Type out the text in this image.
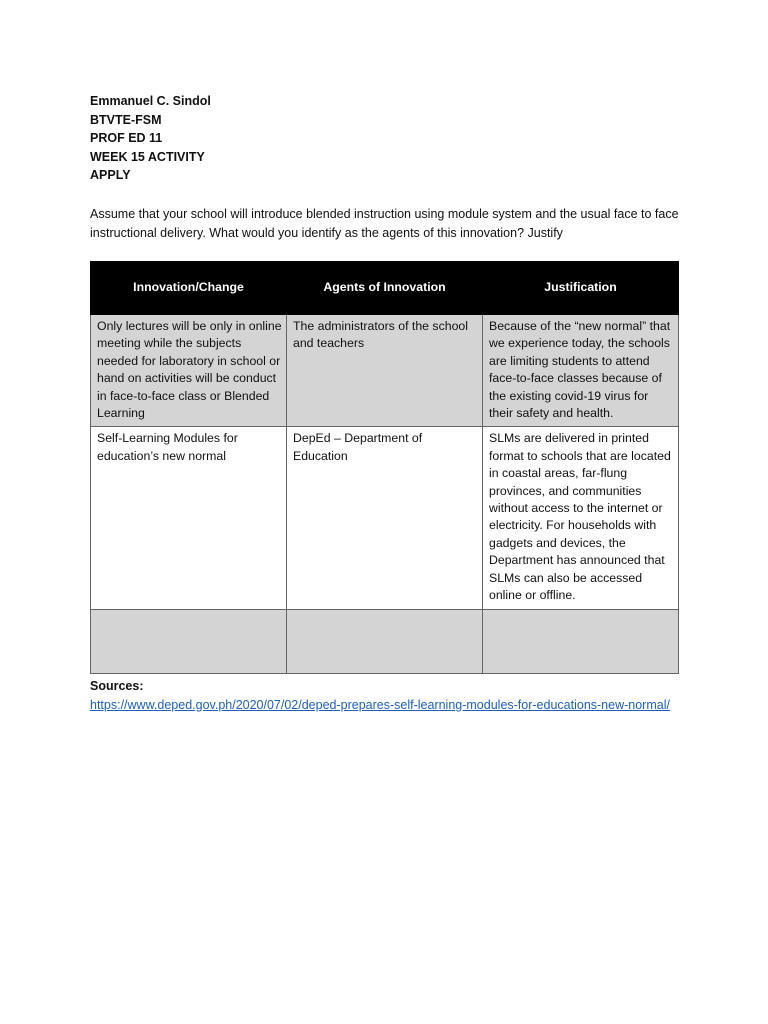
Emmanuel C. Sindol
BTVTE-FSM
PROF ED 11
WEEK 15 ACTIVITY
APPLY
Assume that your school will introduce blended instruction using module system and the usual face to face instructional delivery. What would you identify as the agents of this innovation? Justify
Innovation/Change	Agents of Innovation	Justification
Only lectures will be only in online meeting while the subjects needed for laboratory in school or hand on activities will be conduct in face-to-face class or Blended Learning	The administrators of the school and teachers	Because of the “new normal” that we experience today, the schools are limiting students to attend face-to-face classes because of the existing covid-19 virus for their safety and health.
Self-Learning Modules for education’s new normal	DepEd – Department of Education	SLMs are delivered in printed format to schools that are located in coastal areas, far-flung provinces, and communities without access to the internet or electricity. For households with gadgets and devices, the Department has announced that SLMs can also be accessed online or offline.

Sources:
https://www.deped.gov.ph/2020/07/02/deped-prepares-self-learning-modules-for-educations-new-normal/
